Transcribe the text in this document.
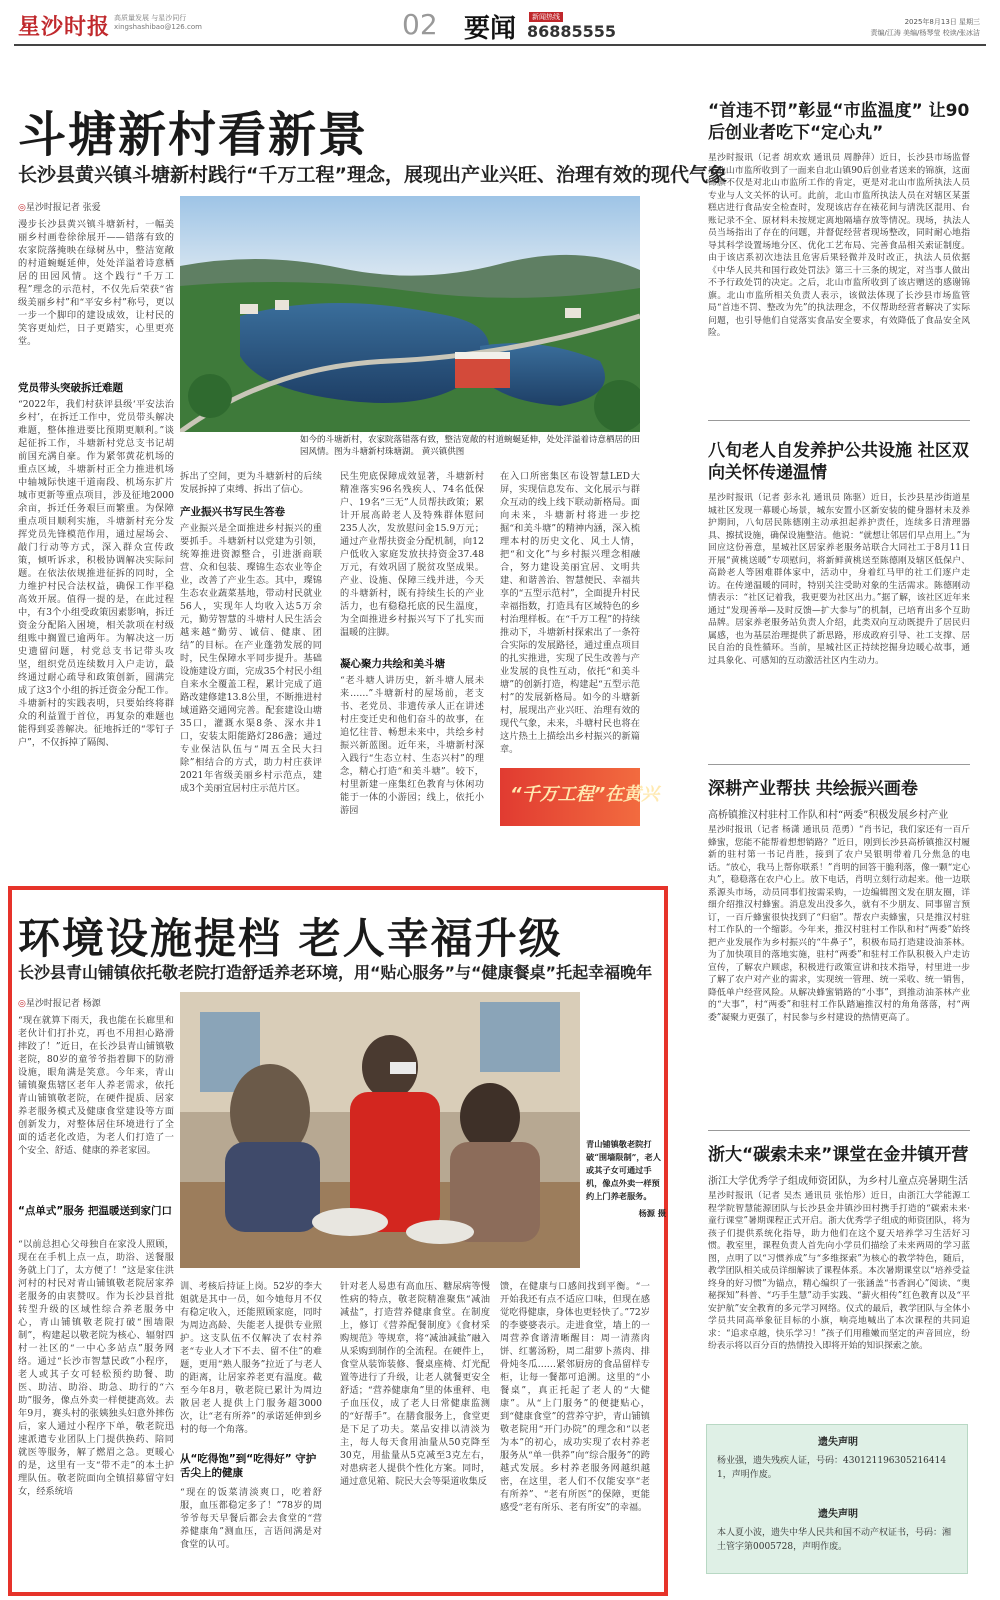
星沙时报 高质量发展 与星沙同行 xingshashibao@126.com	02 要闻	新闻热线
86885555	2025年8月13日 星期三
责编/江涛 美编/杨琴莹 校读/张冰洁
斗塘新村看新景
长沙县黄兴镇斗塘新村践行“千万工程”理念，展现出产业兴旺、治理有效的现代气象
◎星沙时报记者 张爱
漫步长沙县黄兴镇斗塘新村，一幅美丽乡村画卷徐徐展开——错落有致的农家院落掩映在绿树丛中，整洁宽敞的村道蜿蜒延伸，处处洋溢着诗意栖居的田园风情。这个践行“千万工程”理念的示范村，不仅先后荣获“省级美丽乡村”和“平安乡村”称号，更以一步一个脚印的建设成效，让村民的笑容更灿烂，日子更踏实，心里更亮堂。
党员带头突破拆迁难题
“2022年，我们村获评县级‘平安法治乡村’，在拆迁工作中，党员带头解决难题，整体推进要比预期更顺利。”谈起征拆工作，斗塘新村党总支书记胡前国充满自豪。作为紧邻黄花机场的重点区域，斗塘新村正全力推进机场中轴城际快速干道南段、机场东扩片城市更新等重点项目，涉及征地2000余亩，拆迁任务艰巨而繁重。为保障重点项目顺利实施，斗塘新村充分发挥党员先锋模范作用，通过屋场会、敲门行动等方式，深入群众宣传政策，倾听诉求，积极协调解决实际问题。在依法依规推进征拆的同时，全力维护村民合法权益，确保工作平稳高效开展。值得一提的是，在此过程中，有3个小组受政策因素影响，拆迁资金分配陷入困境，相关款项在村级组账中搁置已逾两年。为解决这一历史遗留问题，村党总支书记带头攻坚，组织党员连续数月入户走访，最终通过耐心疏导和政策创新，圆满完成了这3个小组的拆迁资金分配工作。斗塘新村的实践表明，只要始终将群众的利益置于首位，再复杂的难题也能得到妥善解决。征地拆迁的“零钉子户”，不仅拆掉了隔阂、
如今的斗塘新村，农家院落错落有致，整洁宽敞的村道蜿蜒延伸，处处洋溢着诗意栖居的田园风情。图为斗塘新村珠塘湖。 黄兴镇供图
拆出了空间，更为斗塘新村的后续发展拆掉了束缚、拆出了信心。
产业振兴书写民生答卷
产业振兴是全面推进乡村振兴的重要抓手。斗塘新村以党建为引领，统筹推进资源整合，引进浙商联营、众和包装、璨锦生态农业等企业，改善了产业生态。其中，璨锦生态农业蔬菜基地，带动村民就业56人，实现年人均收入达5万余元，勤劳智慧的斗塘村人民生活会越来越“勤劳、诚信、健康、团结”的目标。在产业蓬勃发展的同时，民生保障水平同步提升。基础设施建设方面，完成35个村民小组自来水全覆盖工程，累计完成了道路改建修建13.8公里，不断推进村域道路交通网完善。配套建设山塘35口，灌溉水渠8条、深水井1口，安装太阳能路灯286盏；通过专业保洁队伍与“周五全民大扫除”相结合的方式，助力村庄获评2021年省级美丽乡村示范点，建成3个美丽宜居村庄示范片区。
民生兜底保障成效显著，斗塘新村精准落实96名残疾人、74名低保户、19名“三无”人员帮扶政策；累计开展高龄老人及特殊群体慰问235人次，发放慰问金15.9万元；通过产业帮扶资金分配机制，向12户低收入家庭发放扶持资金37.48万元，有效巩固了脱贫攻坚成果。产业、设施、保障三线并进，今天的斗塘新村，既有持续生长的产业活力，也有稳稳托底的民生温度，为全面推进乡村振兴写下了扎实而温暖的注脚。
凝心聚力共绘和美斗塘
“老斗塘人讲历史，新斗塘人展未来……”斗塘新村的屋场前，老支书、老党员、非遗传承人正在讲述村庄变迁史和他们奋斗的故事，在追忆往昔、畅想未来中，共绘乡村振兴新蓝图。近年来，斗塘新村深入践行“生态立村、生态兴村”的理念，精心打造“和美斗塘”。较下，村里新建一座集红色教育与休闲功能于一体的小游园；线上，依托小游园
在入口所密集区布设智慧LED大屏，实现信息发布、文化展示与群众互动的线上线下联动新格局。面向未来，斗塘新村将进一步挖掘“和美斗塘”的精神内涵，深入梳理本村的历史文化、风土人情，把“和文化”与乡村振兴理念相融合，努力建设美丽宜居、文明共建、和谐善治、智慧便民、幸福共享的“五型示范村”，全面提升村民幸福指数，打造具有区域特色的乡村治理样板。在“千万工程”的持续推动下，斗塘新村探索出了一条符合实际的发展路径，通过重点项目的扎实推进，实现了民生改善与产业发展的良性互动，依托“和美斗塘”的创新打造，构建起“五型示范村”的发展新格局。如今的斗塘新村，展现出产业兴旺、治理有效的现代气象，未来，斗塘村民也将在这片热土上描绘出乡村振兴的新篇章。
“千万工程”在黄兴
环境设施提档 老人幸福升级
长沙县青山铺镇依托敬老院打造舒适养老环境，用“贴心服务”与“健康餐桌”托起幸福晚年
◎星沙时报记者 杨源
“现在就算下雨天，我也能在长廊里和老伙计们打扑克，再也不用担心路滑摔跤了！”近日，在长沙县青山铺镇敬老院，80岁的童爷爷指着脚下的防滑设施，眼角满是笑意。今年来，青山铺镇聚焦辖区老年人养老需求，依托青山铺镇敬老院，在硬件提质、居家养老服务模式及健康食堂建设等方面创新发力，对整体居住环境进行了全面的适老化改造，为老人们打造了一个安全、舒适、健康的养老家园。
“点单式”服务 把温暖送到家门口
“以前总担心父母独自在家没人照顾，现在在手机上点一点，助浴、送餐服务就上门了，太方便了！”这是家住洪河村的村民对青山铺镇敬老院居家养老服务的由衷赞叹。作为长沙县首批转型升级的区域性综合养老服务中心，青山铺镇敬老院打破“围墙限制”，构建起以敬老院为核心、辐射四村一社区的“一中心多站点”服务网络。通过“长沙市智慧民政”小程序，老人或其子女可轻松预约助餐、助医、助洁、助浴、助急、助行的“六助”服务，像点外卖一样便捷高效。去年9月，赛头村的张姨独头妇意外摔伤后，家人通过小程序下单，敬老院迅速派遣专业团队上门提供换药、陪同就医等服务，解了燃眉之急。更暖心的是，这里有一支“带不走”的本土护理队伍。敬老院面向全镇招募留守妇女，经系统培
青山铺镇敬老院打破“围墙限制”，老人或其子女可通过手机，像点外卖一样预约上门养老服务。
杨源 摄
训、考核后持证上岗。52岁的李大姐就是其中一员，如今她每月不仅有稳定收入，还能照顾家庭，同时为周边高龄、失能老人提供专业照护。这支队伍不仅解决了农村养老“专业人才下不去、留不住”的难题，更用“熟人服务”拉近了与老人的距离，让居家养老更有温度。截至今年8月，敬老院已累计为周边散居老人提供上门服务超3000次，让“老有所养”的承诺延伸到乡村的每一个角落。
从“吃得饱”到“吃得好” 守护舌尖上的健康
“现在的饭菜清淡爽口，吃着舒服，血压都稳定多了！”78岁的周爷爷每天早餐后都会去食堂的“营养健康角”测血压，言语间满是对食堂的认可。
针对老人易患有高血压、糖尿病等慢性病的特点，敬老院精准聚焦“减油减盐”，打造营养健康食堂。在制度上，修订《营养配餐制度》《食材采购规范》等规章，将“减油减盐”融入从采购到制作的全流程。在硬件上，食堂从装饰装修、餐桌座椅、灯光配置等进行了升级，让老人就餐更安全舒适；“营养健康角”里的体重秤、电子血压仪，成了老人日常健康监测的“好帮手”。在膳食服务上，食堂更是下足了功夫。菜品安排以清淡为主，每人每天食用油量从50克降至30克，用盐量从5克减至3克左右，对患病老人提供个性化方案。同时，通过意见箱、院民大会等渠道收集反
馈，在健康与口感间找到平衡。“一开始我还有点不适应口味，但现在感觉吃得健康，身体也更轻快了。”72岁的李婆婆表示。走进食堂，墙上的一周营养食谱清晰醒目：周一清蒸肉饼、红薯汤粉，周二甜萝卜蒸肉、排骨炖冬瓜……紧邻厨房的食品留样专柜，让每一餐都可追溯。这里的“小餐桌”，真正托起了老人的“大健康”。从“上门服务”的便捷贴心，到“健康食堂”的营养守护，青山铺镇敬老院用“开门办院”的理念和“以老为本”的初心，成功实现了农村养老服务从“单一供养”向“综合服务”的跨越式发展。乡村养老服务网越织越密，在这里，老人们不仅能安享“老有所养”、“老有所医”的保障，更能感受“老有所乐、老有所安”的幸福。
“首违不罚”彰显“市监温度” 让90后创业者吃下“定心丸”
星沙时报讯（记者 胡欢欢 通讯员 周静萍）近日，长沙县市场监督局北山市监所收到了一面来自北山镇90后创业者送来的锦旗，这面锦旗不仅是对北山市监所工作的肯定，更是对北山市监所执法人员专业与人文关怀的认可。此前，北山市监所执法人员在对辖区某蛋糕店进行食品安全检查时，发现该店存在裱花间与清洗区混用、台账记录不全、原材料未按规定离地隔墙存放等情况。现场，执法人员当场指出了存在的问题，并督促经营者现场整改，同时耐心地指导其科学设置场地分区、优化工艺布局、完善食品相关索证制度。由于该店系初次违法且危害后果轻微并及时改正，执法人员依据《中华人民共和国行政处罚法》第三十三条的规定，对当事人做出不予行政处罚的决定。之后，北山市监所收到了该店赠送的感谢锦旗。北山市监所相关负责人表示，该做法体现了长沙县市场监管局“首违不罚、整改为先”的执法理念，不仅帮助经营者解决了实际问题，也引导他们自觉落实食品安全要求，有效降低了食品安全风险。
八旬老人自发养护公共设施 社区双向关怀传递温情
星沙时报讯（记者 彭永礼 通讯员 陈驱）近日，长沙县星沙街道星城社区发现一幕暖心场景，城东安置小区新安装的健身器材未及养护期间，八旬居民陈德刚主动承担起养护责任，连续多日清理器具、擦拭设施，确保设施整洁。他说：“就想让邻居们早点用上。”为回应这份善意，星城社区居家养老服务站联合大同社工于8月11日开展“黄桃送暖”专项慰问，将新鲜黄桃送至陈德刚及辖区低保户、高龄老人等困难群体家中，活动中，身着红马甲的社工们逐户走访。在传递温暖的同时，特别关注受助对象的生活需求。陈德刚动情表示：“社区记着我，我更要为社区出力。”据了解，该社区近年来通过“发现善举—及时反馈—扩大参与”的机制，已培育出多个互助品牌。居家养老服务站负责人介绍，此类双向互动既提升了居民归属感，也为基层治理提供了新思路，形成政府引导、社工支撑、居民自治的良性循环。当前，星城社区正持续挖掘身边暖心故事，通过具象化、可感知的互动激活社区内生动力。
深耕产业帮扶 共绘振兴画卷
高桥镇推汉村驻村工作队和村“两委”积极发展乡村产业
星沙时报讯（记者 杨潇 通讯员 范勇）“肖书记，我们家还有一百斤蜂蜜，您能不能帮着想想销路？”近日，刚到长沙县高桥镇推汉村履新的驻村第一书记肖胜，接到了农户吴银明带着几分焦急的电话。“放心，我马上帮你联系！”肖明的回答干脆利落，像一颗“定心丸”，稳稳落在农户心上。放下电话，肖明立刻行动起来。他一边联系源头市场，动员同事们按需采购，一边编辑图文发在朋友圈，详细介绍推汉村蜂蜜。消息发出没多久，就有不少朋友、同事留言预订，一百斤蜂蜜很快找到了“归宿”。帮农户卖蜂蜜，只是推汉村驻村工作队的一个缩影。今年来，推汉村驻村工作队和村“两委”始终把产业发展作为乡村振兴的“牛鼻子”，积极布局打造建设油茶林。为了加快项目的落地实施，驻村“两委”和驻村工作队积极入户走访宣传，了解农户顾虑，积极进行政策宣讲和技术指导，村里进一步了解了农户对产业的需求，实现统一管理、统一采收、统一销售，降低单户经营风险。从解决蜂蜜销路的“小事”，到推动油茶林产业的“大事”，村“两委”和驻村工作队踏遍推汉村的角角落落，村“两委”凝聚力更强了，村民参与乡村建设的热情更高了。
浙大“碳索未来”课堂在金井镇开营
浙江大学优秀学子组成师资团队，为乡村儿童点亮暑期生活
星沙时报讯（记者 吴杰 通讯员 张怡彤）近日，由浙江大学能源工程学院智慧能源团队与长沙县金井镇沙田村携手打造的“碳索未来·童行课堂”暑期课程正式开启。浙大优秀学子组成的师资团队，将为孩子们提供系统化指导，助力他们在这个夏天培养学习生活好习惯。教室里，课程负责人首先向小学员们描绘了未来两周的学习蓝图，点明了以“习惯养成”与“多维探索”为核心的教学特色，随后，教学团队相关成员详细解读了课程体系。本次暑期课堂以“培养受益终身的好习惯”为锚点，精心编织了一张涵盖“书香润心”阅读、“奥秘探知”科普、“巧手生慧”动手实践、“薪火相传”红色教育以及“平安护航”安全教育的多元学习网络。仪式的最后，教学团队与全体小学员共同高举象征目标的小旗，响亮地喊出了本次课程的共同追求：“追求卓越，快乐学习！”孩子们用稚嫩而坚定的声音回应，纷纷表示将以百分百的热情投入即将开始的知识探索之旅。
遗失声明
杨业强，遗失残疾人证，号码：430121196305216414​1，声明作废。
遗失声明
本人夏小波，遗失中华人民共和国不动产权证书，号码：湘土管字第0005728，声明作废。
